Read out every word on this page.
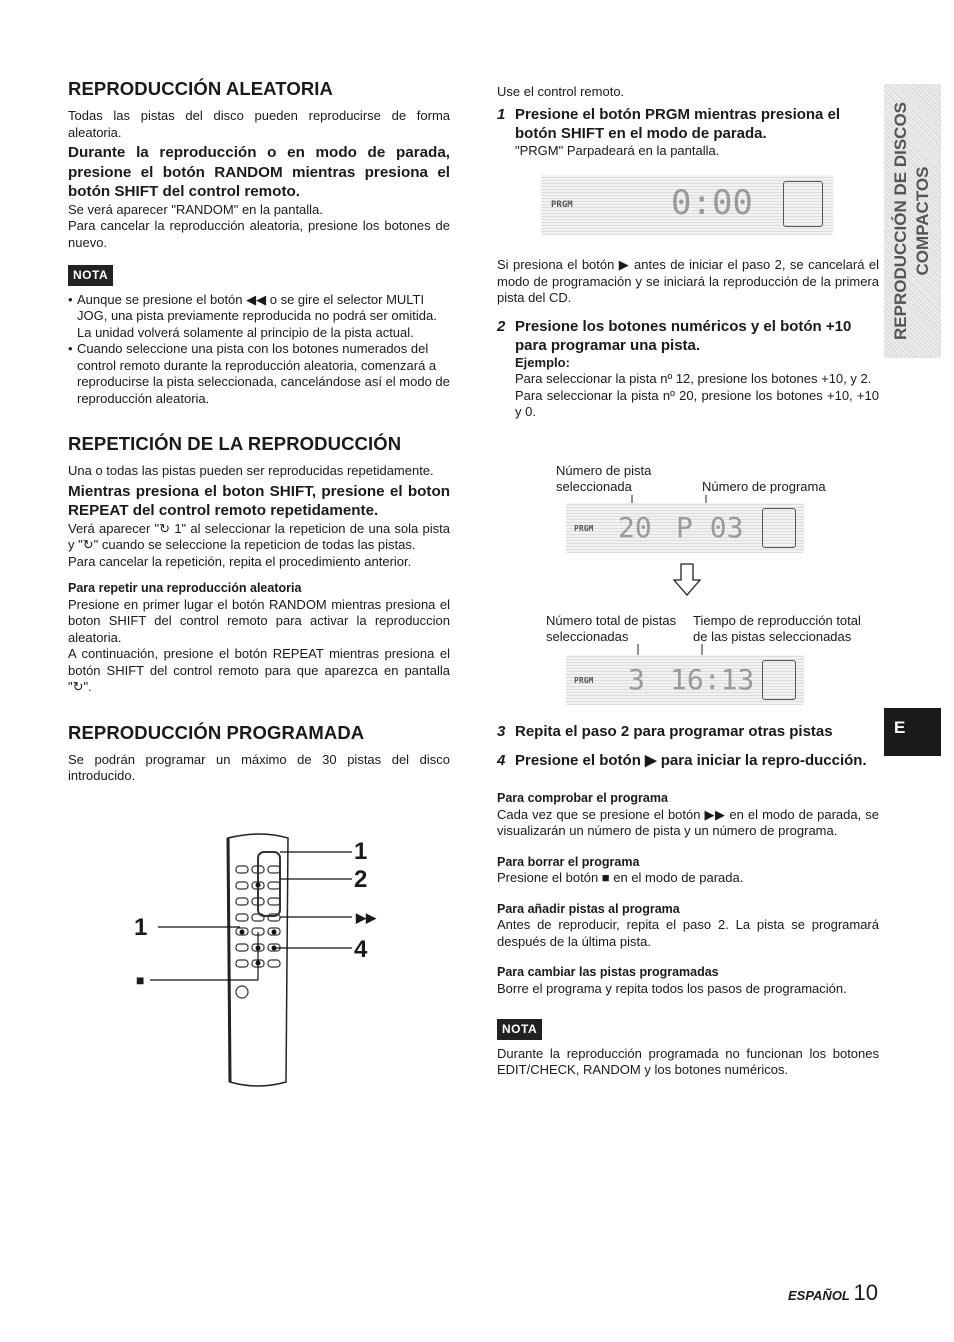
REPRODUCCIÓN ALEATORIA

Todas las pistas del disco pueden reproducirse de forma aleatoria.

Durante la reproducción o en modo de parada, presione el botón RANDOM mientras presiona el botón SHIFT del control remoto.

Se verá aparecer "RANDOM" en la pantalla.

Para cancelar la reproducción aleatoria, presione los botones de nuevo.

NOTA
• Aunque se presione el botón ◀◀ o se gire el selector MULTI JOG, una pista previamente reproducida no podrá ser omitida. La unidad volverá solamente al principio de la pista actual.
• Cuando seleccione una pista con los botones numerados del control remoto durante la reproducción aleatoria, comenzará a reproducirse la pista seleccionada, cancelándose así el modo de reproducción aleatoria.
REPETICIÓN DE LA REPRODUCCIÓN

Una o todas las pistas pueden ser reproducidas repetidamente.

Mientras presiona el boton SHIFT, presione el boton REPEAT del control remoto repetidamente.

Verá aparecer "↻ 1" al seleccionar la repeticion de una sola pista y "↻" cuando se seleccione la repeticion de todas las pistas.

Para cancelar la repetición, repita el procedimiento anterior.

Para repetir una reproducción aleatoria

Presione en primer lugar el botón RANDOM mientras presiona el boton SHIFT del control remoto para activar la reproduccion aleatoria.

A continuación, presione el botón REPEAT mientras presiona el botón SHIFT del control remoto para que aparezca en pantalla "↻".

REPRODUCCIÓN PROGRAMADA

Se podrán programar un máximo de 30 pistas del disco introducido.

1
1
2
▶▶
4
■

Use el control remoto.

1 Presione el botón PRGM mientras presiona el botón SHIFT en el modo de parada.

"PRGM" Parpadeará en la pantalla.

PRGM	0:00

Si presiona el botón ▶ antes de iniciar el paso 2, se cancelará el modo de programación y se iniciará la reproducción de la primera pista del CD.

2 Presione los botones numéricos y el botón +10 para programar una pista.

Ejemplo:

Para seleccionar la pista nº 12, presione los botones +10, y 2.

Para seleccionar la pista nº 20, presione los botones +10, +10 y 0.

Número de pista seleccionada	Número de programa
PRGM 20 P 03
Número total de pistas seleccionadas
Tiempo de reproducción total de las pistas seleccionadas
PRGM 3 16:13
3 Repita el paso 2 para programar otras pistas
4 Presione el botón ▶ para iniciar la repro-ducción.

Para comprobar el programa

Cada vez que se presione el botón ▶▶ en el modo de parada, se visualizarán un número de pista y un número de programa.

Para borrar el programa

Presione el botón ■ en el modo de parada.

Para añadir pistas al programa

Antes de reproducir, repita el paso 2. La pista se programará después de la última pista.

Para cambiar las pistas programadas

Borre el programa y repita todos los pasos de programación.

NOTA

Durante la reproducción programada no funcionan los botones EDIT/CHECK, RANDOM y los botones numéricos.

REPRODUCCIÓN DE DISCOS COMPACTOS
E
ESPAÑOL 10
